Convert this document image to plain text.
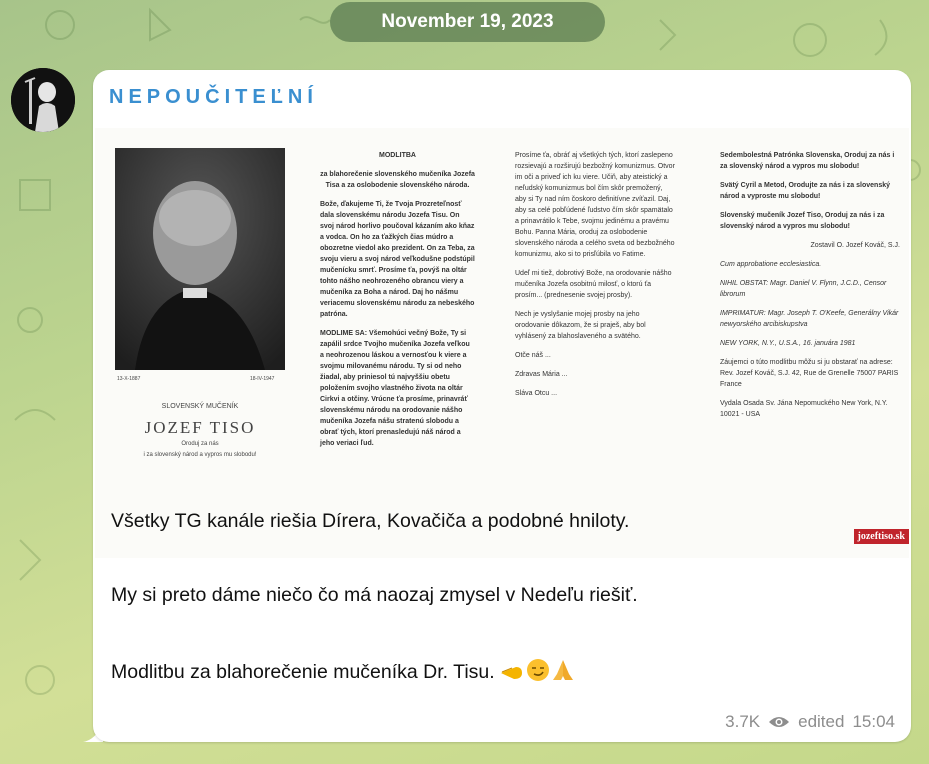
November 19, 2023
NEPOUČITEĽNÍ
13-X-1887	18-IV-1947
SLOVENSKÝ MUČENÍK
JOZEF TISO
Oroduj za nás
i za slovenský národ a vypros mu slobodu!

MODLITBA

za blahorečenie slovenského mučeníka Jozefa Tisa a za oslobodenie slovenského národa.

Bože, ďakujeme Ti, že Tvoja Prozreteľnosť dala slovenskému národu Jozefa Tisu. On svoj národ horlivo poučoval kázaním ako kňaz a vodca. On ho za ťažkých čias múdro a obozretne viedol ako prezident. On za Teba, za svoju vieru a svoj národ veľkodušne podstúpil mučenícku smrť. Prosíme ťa, povýš na oltár tohto nášho neohrozeného obrancu viery a mučeníka za Boha a národ. Daj ho nášmu veriacemu slovenskému národu za nebeského patróna.

MODLIME SA: Všemohúci večný Bože, Ty si zapálil srdce Tvojho mučeníka Jozefa veľkou a neohrozenou láskou a vernosťou k viere a svojmu milovanému národu. Ty si od neho žiadal, aby priniesol tú najvyššiu obetu položením svojho vlastného života na oltár Cirkvi a otčiny. Vrúcne ťa prosíme, prinavráť slovenskému národu na orodovanie nášho mučeníka Jozefa nášu stratenú slobodu a obrať tých, ktorí prenasledujú náš národ a jeho veriaci ľud.

Prosíme ťa, obráť aj všetkých tých, ktorí zaslepeno rozsievajú a rozširujú bezbožný komunizmus. Otvor im oči a priveď ich ku viere. Učiň, aby ateistický a neľudský komunizmus bol čím skôr premožený, aby si Ty nad ním čoskoro definitívne zvíťazil. Daj, aby sa celé pobľúdené ľudstvo čím skôr spamätalo a prinavrátilo k Tebe, svojmu jedinému a pravému Bohu. Panna Mária, oroduj za oslobodenie slovenského národa a celého sveta od bezbožného komunizmu, ako si to prisľúbila vo Fatime.

Udeľ mi tiež, dobrotivý Bože, na orodovanie nášho mučeníka Jozefa osobitnú milosť, o ktorú ťa prosím... (prednesenie svojej prosby).

Nech je vyslyšanie mojej prosby na jeho orodovanie dôkazom, že si praješ, aby bol vyhlásený za blahoslaveného a svätého.

Otče náš ...

Zdravas Mária ...

Sláva Otcu ...

Sedembolestná Patrónka Slovenska, Oroduj za nás i za slovenský národ a vypros mu slobodu!

Svätý Cyril a Metod, Orodujte za nás i za slovenský národ a vyproste mu slobodu!

Slovenský mučeník Jozef Tiso, Oroduj za nás i za slovenský národ a vypros mu slobodu!

Zostavil O. Jozef Kováč, S.J.

Cum approbatione ecclesiastica.

NIHIL OBSTAT: Magr. Daniel V. Flynn, J.C.D., Censor librorum

IMPRIMATUR: Magr. Joseph T. O'Keefe, Generálny Vikár newyorského arcibiskupstva

NEW YORK, N.Y., U.S.A., 16. januára 1981

Záujemci o túto modlitbu môžu si ju obstarať na adrese: Rev. Jozef Kováč, S.J. 42, Rue de Grenelle 75007 PARIS France

Vydala Osada Sv. Jána Nepomuckého New York, N.Y. 10021 - USA

jozeftiso.sk
Všetky TG kanále riešia Dírera, Kovačiča a podobné hniloty.
My si preto dáme niečo čo má naozaj zmysel v Nedeľu riešiť.
Modlitbu za blahorečenie mučeníka Dr. Tisu.
3.7K edited 15:04
